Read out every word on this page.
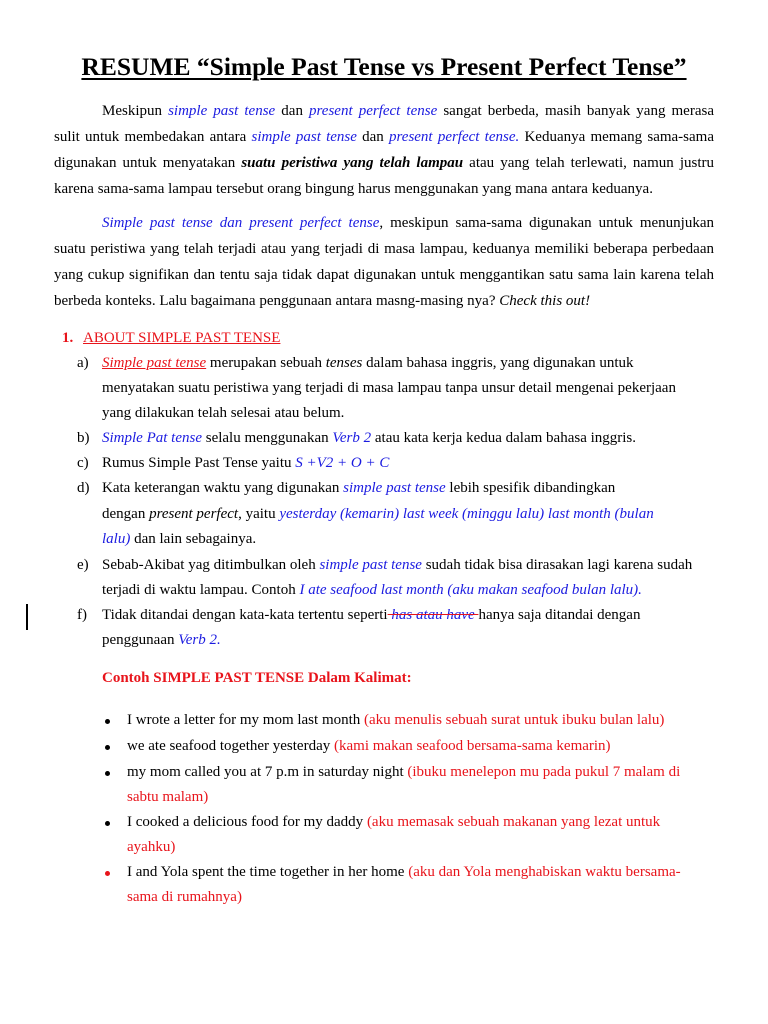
RESUME “Simple Past Tense vs Present Perfect Tense”
Meskipun simple past tense dan present perfect tense sangat berbeda, masih banyak yang merasa
sulit untuk membedakan antara simple past tense dan present perfect tense. Keduanya memang sama-sama
digunakan untuk menyatakan suatu peristiwa yang telah lampau atau yang telah terlewati, namun justru
karena sama-sama lampau tersebut orang bingung harus menggunakan yang mana antara keduanya.
Simple past tense dan present perfect tense, meskipun sama-sama digunakan untuk menunjukan
suatu peristiwa yang telah terjadi atau yang terjadi di masa lampau, keduanya memiliki beberapa perbedaan
yang cukup signifikan dan tentu saja tidak dapat digunakan untuk menggantikan satu sama lain karena telah
berbeda konteks. Lalu bagaimana penggunaan antara masng-masing nya? Check this out!
1. ABOUT SIMPLE PAST TENSE
a) Simple past tense merupakan sebuah tenses dalam bahasa inggris, yang digunakan untuk
menyatakan suatu peristiwa yang terjadi di masa lampau tanpa unsur detail mengenai pekerjaan
yang dilakukan telah selesai atau belum.
b) Simple Pat tense selalu menggunakan Verb 2 atau kata kerja kedua dalam bahasa inggris.
c) Rumus Simple Past Tense yaitu S +V2 + O + C
d) Kata keterangan waktu yang digunakan simple past tense lebih spesifik dibandingkan
dengan present perfect, yaitu yesterday (kemarin) last week (minggu lalu) last month (bulan
lalu) dan lain sebagainya.
e) Sebab-Akibat yag ditimbulkan oleh simple past tense sudah tidak bisa dirasakan lagi karena sudah
terjadi di waktu lampau. Contoh I ate seafood last month (aku makan seafood bulan lalu).
f) Tidak ditandai dengan kata-kata tertentu seperti has atau have hanya saja ditandai dengan
penggunaan Verb 2.
Contoh SIMPLE PAST TENSE Dalam Kalimat:
I wrote a letter for my mom last month (aku menulis sebuah surat untuk ibuku bulan lalu)
we ate seafood together yesterday (kami makan seafood bersama-sama kemarin)
my mom called you at 7 p.m in saturday night (ibuku menelepon mu pada pukul 7 malam di
sabtu malam)
I cooked a delicious food for my daddy (aku memasak sebuah makanan yang lezat untuk
ayahku)
I and Yola spent the time together in her home (aku dan Yola menghabiskan waktu bersama-
sama di rumahnya)
